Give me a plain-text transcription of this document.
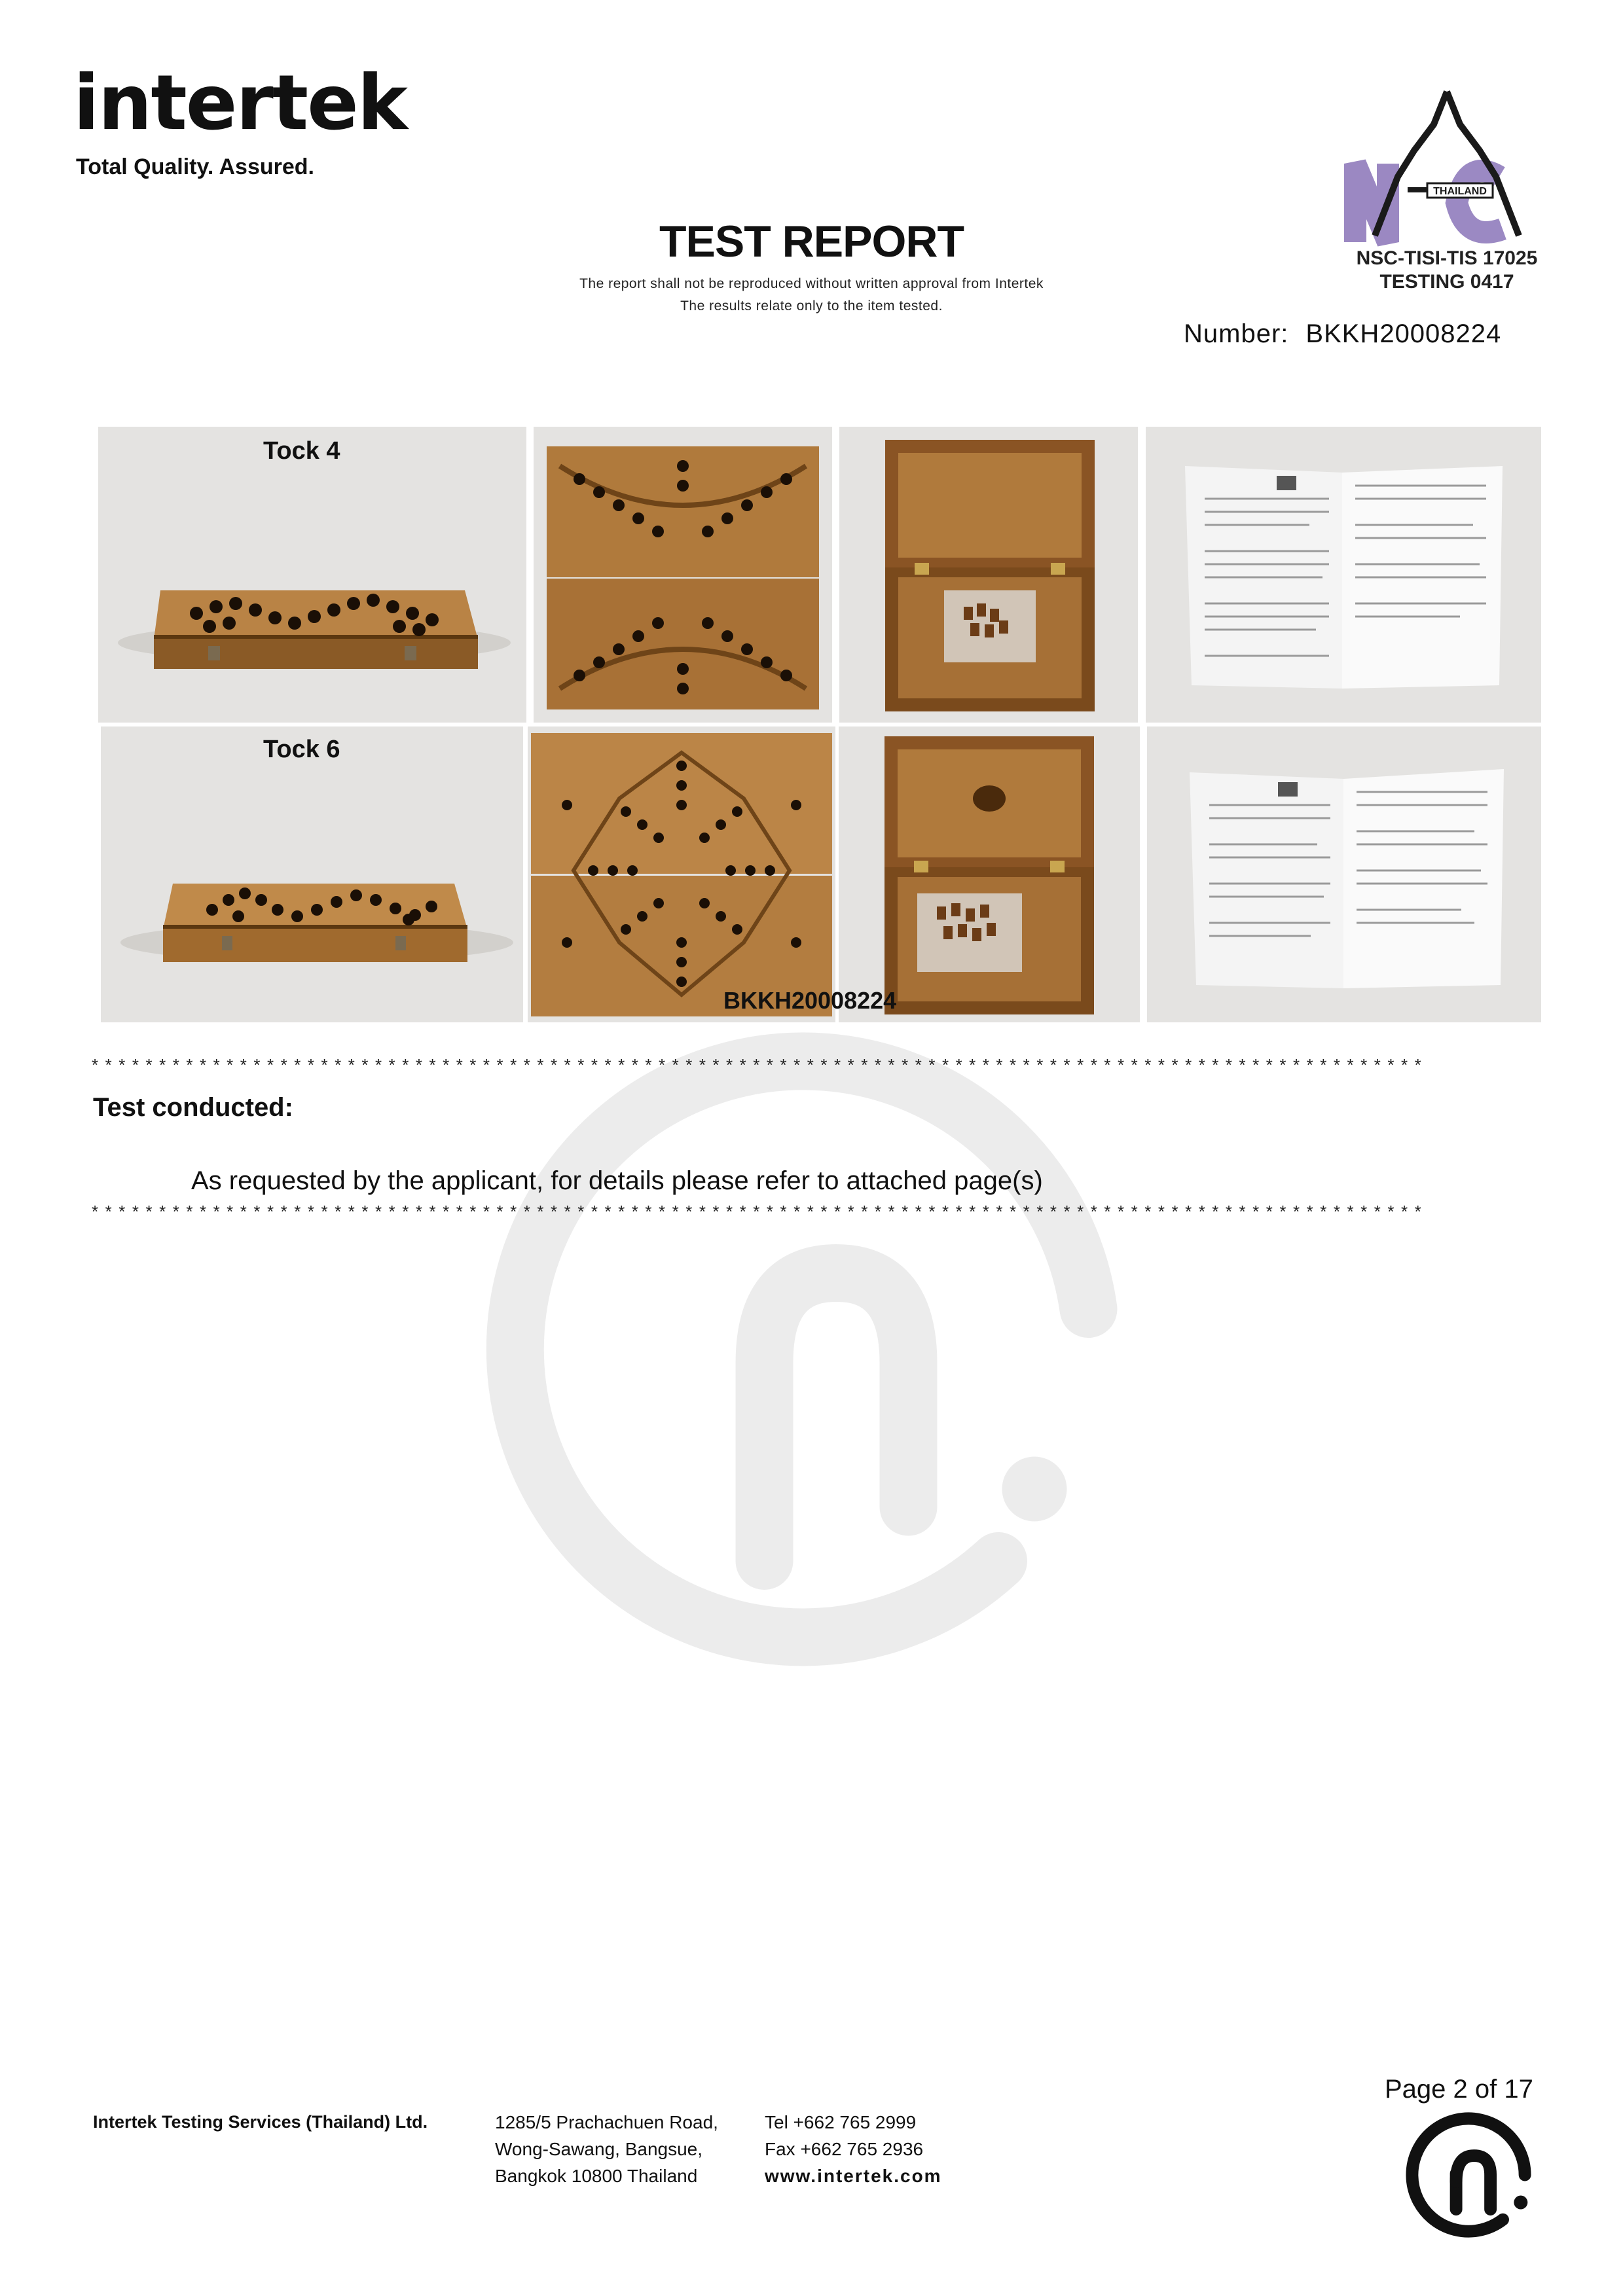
intertek
Total Quality. Assured.
TEST REPORT
The report shall not be reproduced without written approval from Intertek
The results relate only to the item tested.
THAILAND
NSC-TISI-TIS 17025
TESTING 0417
Number: BKKH20008224
Tock 4
Tock 6
BKKH20008224
***************************************************************************************************
Test conducted:
As requested by the applicant, for details please refer to attached page(s)
***************************************************************************************************
Page 2 of 17
Intertek Testing Services (Thailand) Ltd.	1285/5 Prachachuen Road,
Wong-Sawang, Bangsue,
Bangkok 10800 Thailand
Tel +662 765 2999
Fax +662 765 2936
www.intertek.com
